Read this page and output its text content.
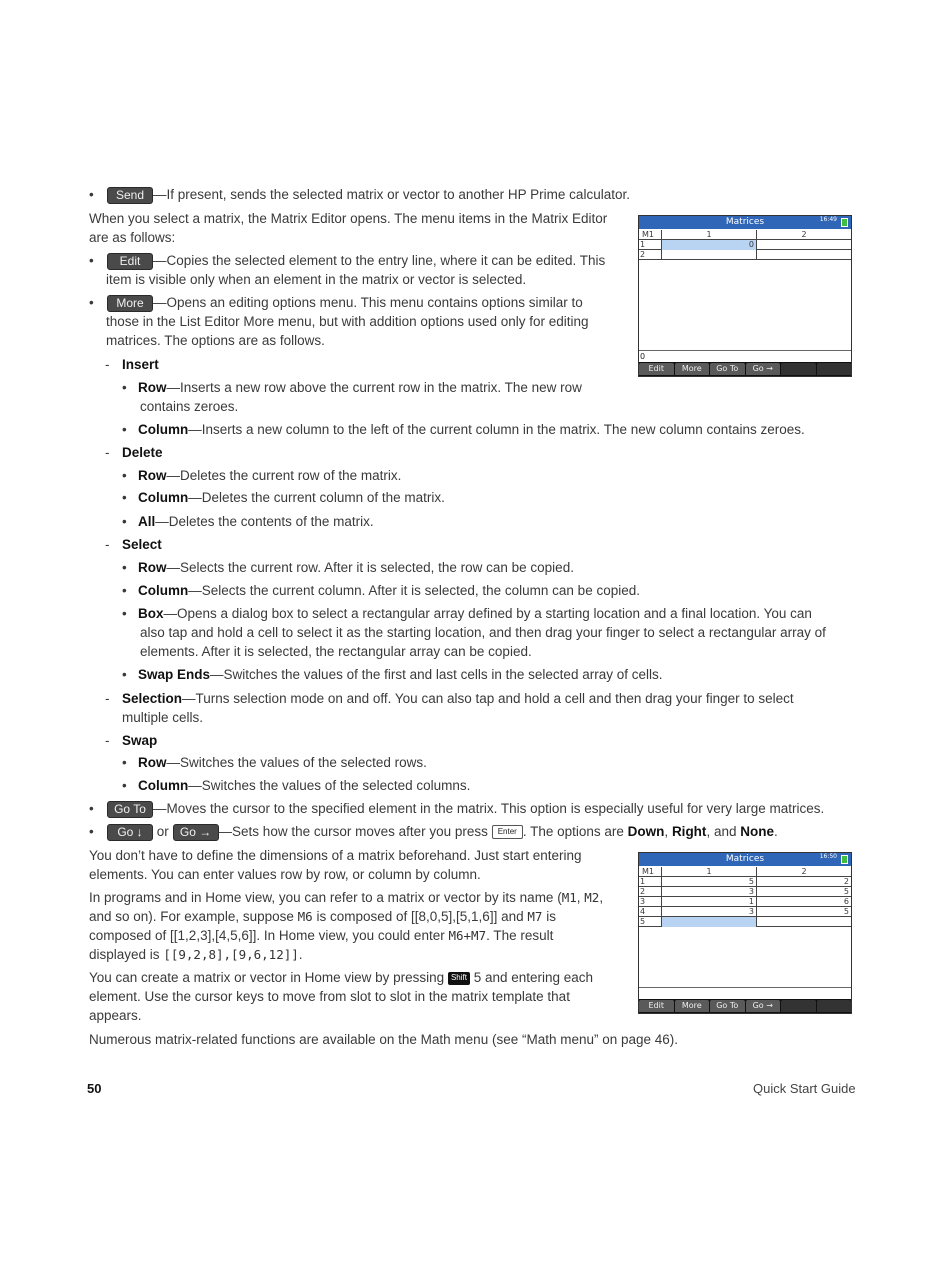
•	Send —If present, sends the selected matrix or vector to another HP Prime calculator.
When you select a matrix, the Matrix Editor opens. The menu items in the Matrix Editor
are as follows:
•	Edit —Copies the selected element to the entry line, where it can be edited. This
item is visible only when an element in the matrix or vector is selected.
•	More —Opens an editing options menu. This menu contains options similar to
those in the List Editor More menu, but with addition options used only for editing
matrices. The options are as follows.
- Insert
• Row—Inserts a new row above the current row in the matrix. The new row
contains zeroes.
• Column—Inserts a new column to the left of the current column in the matrix. The new column contains zeroes.
- Delete
• Row—Deletes the current row of the matrix.
• Column—Deletes the current column of the matrix.
• All—Deletes the contents of the matrix.
- Select
• Row—Selects the current row. After it is selected, the row can be copied.
• Column—Selects the current column. After it is selected, the column can be copied.
• Box—Opens a dialog box to select a rectangular array defined by a starting location and a final location. You can
also tap and hold a cell to select it as the starting location, and then drag your finger to select a rectangular array of
elements. After it is selected, the rectangular array can be copied.
• Swap Ends—Switches the values of the first and last cells in the selected array of cells.
- Selection—Turns selection mode on and off. You can also tap and hold a cell and then drag your finger to select
multiple cells.
- Swap
• Row—Switches the values of the selected rows.
• Column—Switches the values of the selected columns.
•	Go To —Moves the cursor to the specified element in the matrix. This option is especially useful for very large matrices.
•	Go ↓ or Go → —Sets how the cursor moves after you press Enter . The options are Down, Right, and None.
You don’t have to define the dimensions of a matrix beforehand. Just start entering
elements. You can enter values row by row, or column by column.
In programs and in Home view, you can refer to a matrix or vector by its name (M1, M2,
and so on). For example, suppose M6 is composed of [[8,0,5],[5,1,6]] and M7 is
composed of [[1,2,3],[4,5,6]]. In Home view, you could enter M6+M7. The result
displayed is [[9,2,8],[9,6,12]].
You can create a matrix or vector in Home view by pressing Shift 5 and entering each
element. Use the cursor keys to move from slot to slot in the matrix template that
appears.
Numerous matrix-related functions are available on the Math menu (see “Math menu” on page 46).
Matrices	16:49
M1	1	2
1	0
2
0
Edit	More	Go To	Go →
Matrices	16:50
M1	1	2
1	5	2
2	3	5
3	1	6
4	3	5
5
Edit	More	Go To	Go →
50	Quick Start Guide
